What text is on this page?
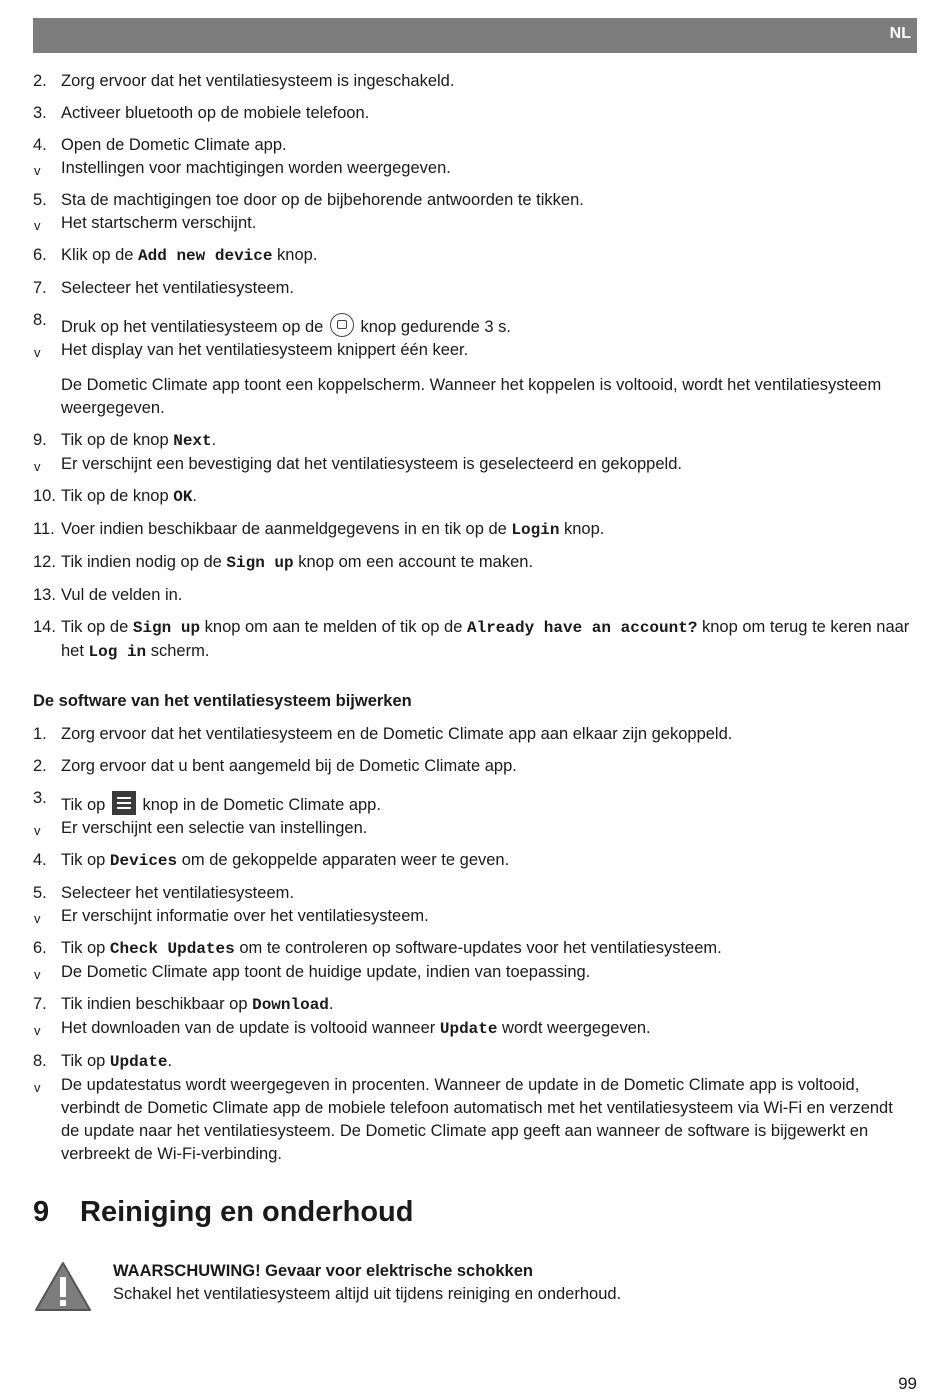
NL
2. Zorg ervoor dat het ventilatiesysteem is ingeschakeld.
3. Activeer bluetooth op de mobiele telefoon.
4. Open de Dometic Climate app.
v Instellingen voor machtigingen worden weergegeven.
5. Sta de machtigingen toe door op de bijbehorende antwoorden te tikken.
v Het startscherm verschijnt.
6. Klik op de Add new device knop.
7. Selecteer het ventilatiesysteem.
8. Druk op het ventilatiesysteem op de  knop gedurende 3 s.
v Het display van het ventilatiesysteem knippert één keer.
De Dometic Climate app toont een koppelscherm. Wanneer het koppelen is voltooid, wordt het ventilatiesysteem weergegeven.
9. Tik op de knop Next.
v Er verschijnt een bevestiging dat het ventilatiesysteem is geselecteerd en gekoppeld.
10. Tik op de knop OK.
11. Voer indien beschikbaar de aanmeldgegevens in en tik op de Login knop.
12. Tik indien nodig op de Sign up knop om een account te maken.
13. Vul de velden in.
14. Tik op de Sign up knop om aan te melden of tik op de Already have an account? knop om terug te keren naar het Log in scherm.
De software van het ventilatiesysteem bijwerken
1. Zorg ervoor dat het ventilatiesysteem en de Dometic Climate app aan elkaar zijn gekoppeld.
2. Zorg ervoor dat u bent aangemeld bij de Dometic Climate app.
3. Tik op
knop in de Dometic Climate app.
v Er verschijnt een selectie van instellingen.
4. Tik op Devices om de gekoppelde apparaten weer te geven.
5. Selecteer het ventilatiesysteem.
v Er verschijnt informatie over het ventilatiesysteem.
6. Tik op Check Updates om te controleren op software-updates voor het ventilatiesysteem.
v De Dometic Climate app toont de huidige update, indien van toepassing.
7. Tik indien beschikbaar op Download.
v Het downloaden van de update is voltooid wanneer Update wordt weergegeven.
8. Tik op Update.
v De updatestatus wordt weergegeven in procenten. Wanneer de update in de Dometic Climate app is voltooid, verbindt de Dometic Climate app de mobiele telefoon automatisch met het ventilatiesysteem via Wi-Fi en verzendt de update naar het ventilatiesysteem. De Dometic Climate app geeft aan wanneer de software is bijgewerkt en verbreekt de Wi-Fi-verbinding.
9 Reiniging en onderhoud
WAARSCHUWING! Gevaar voor elektrische schokken
Schakel het ventilatiesysteem altijd uit tijdens reiniging en onderhoud.
99
